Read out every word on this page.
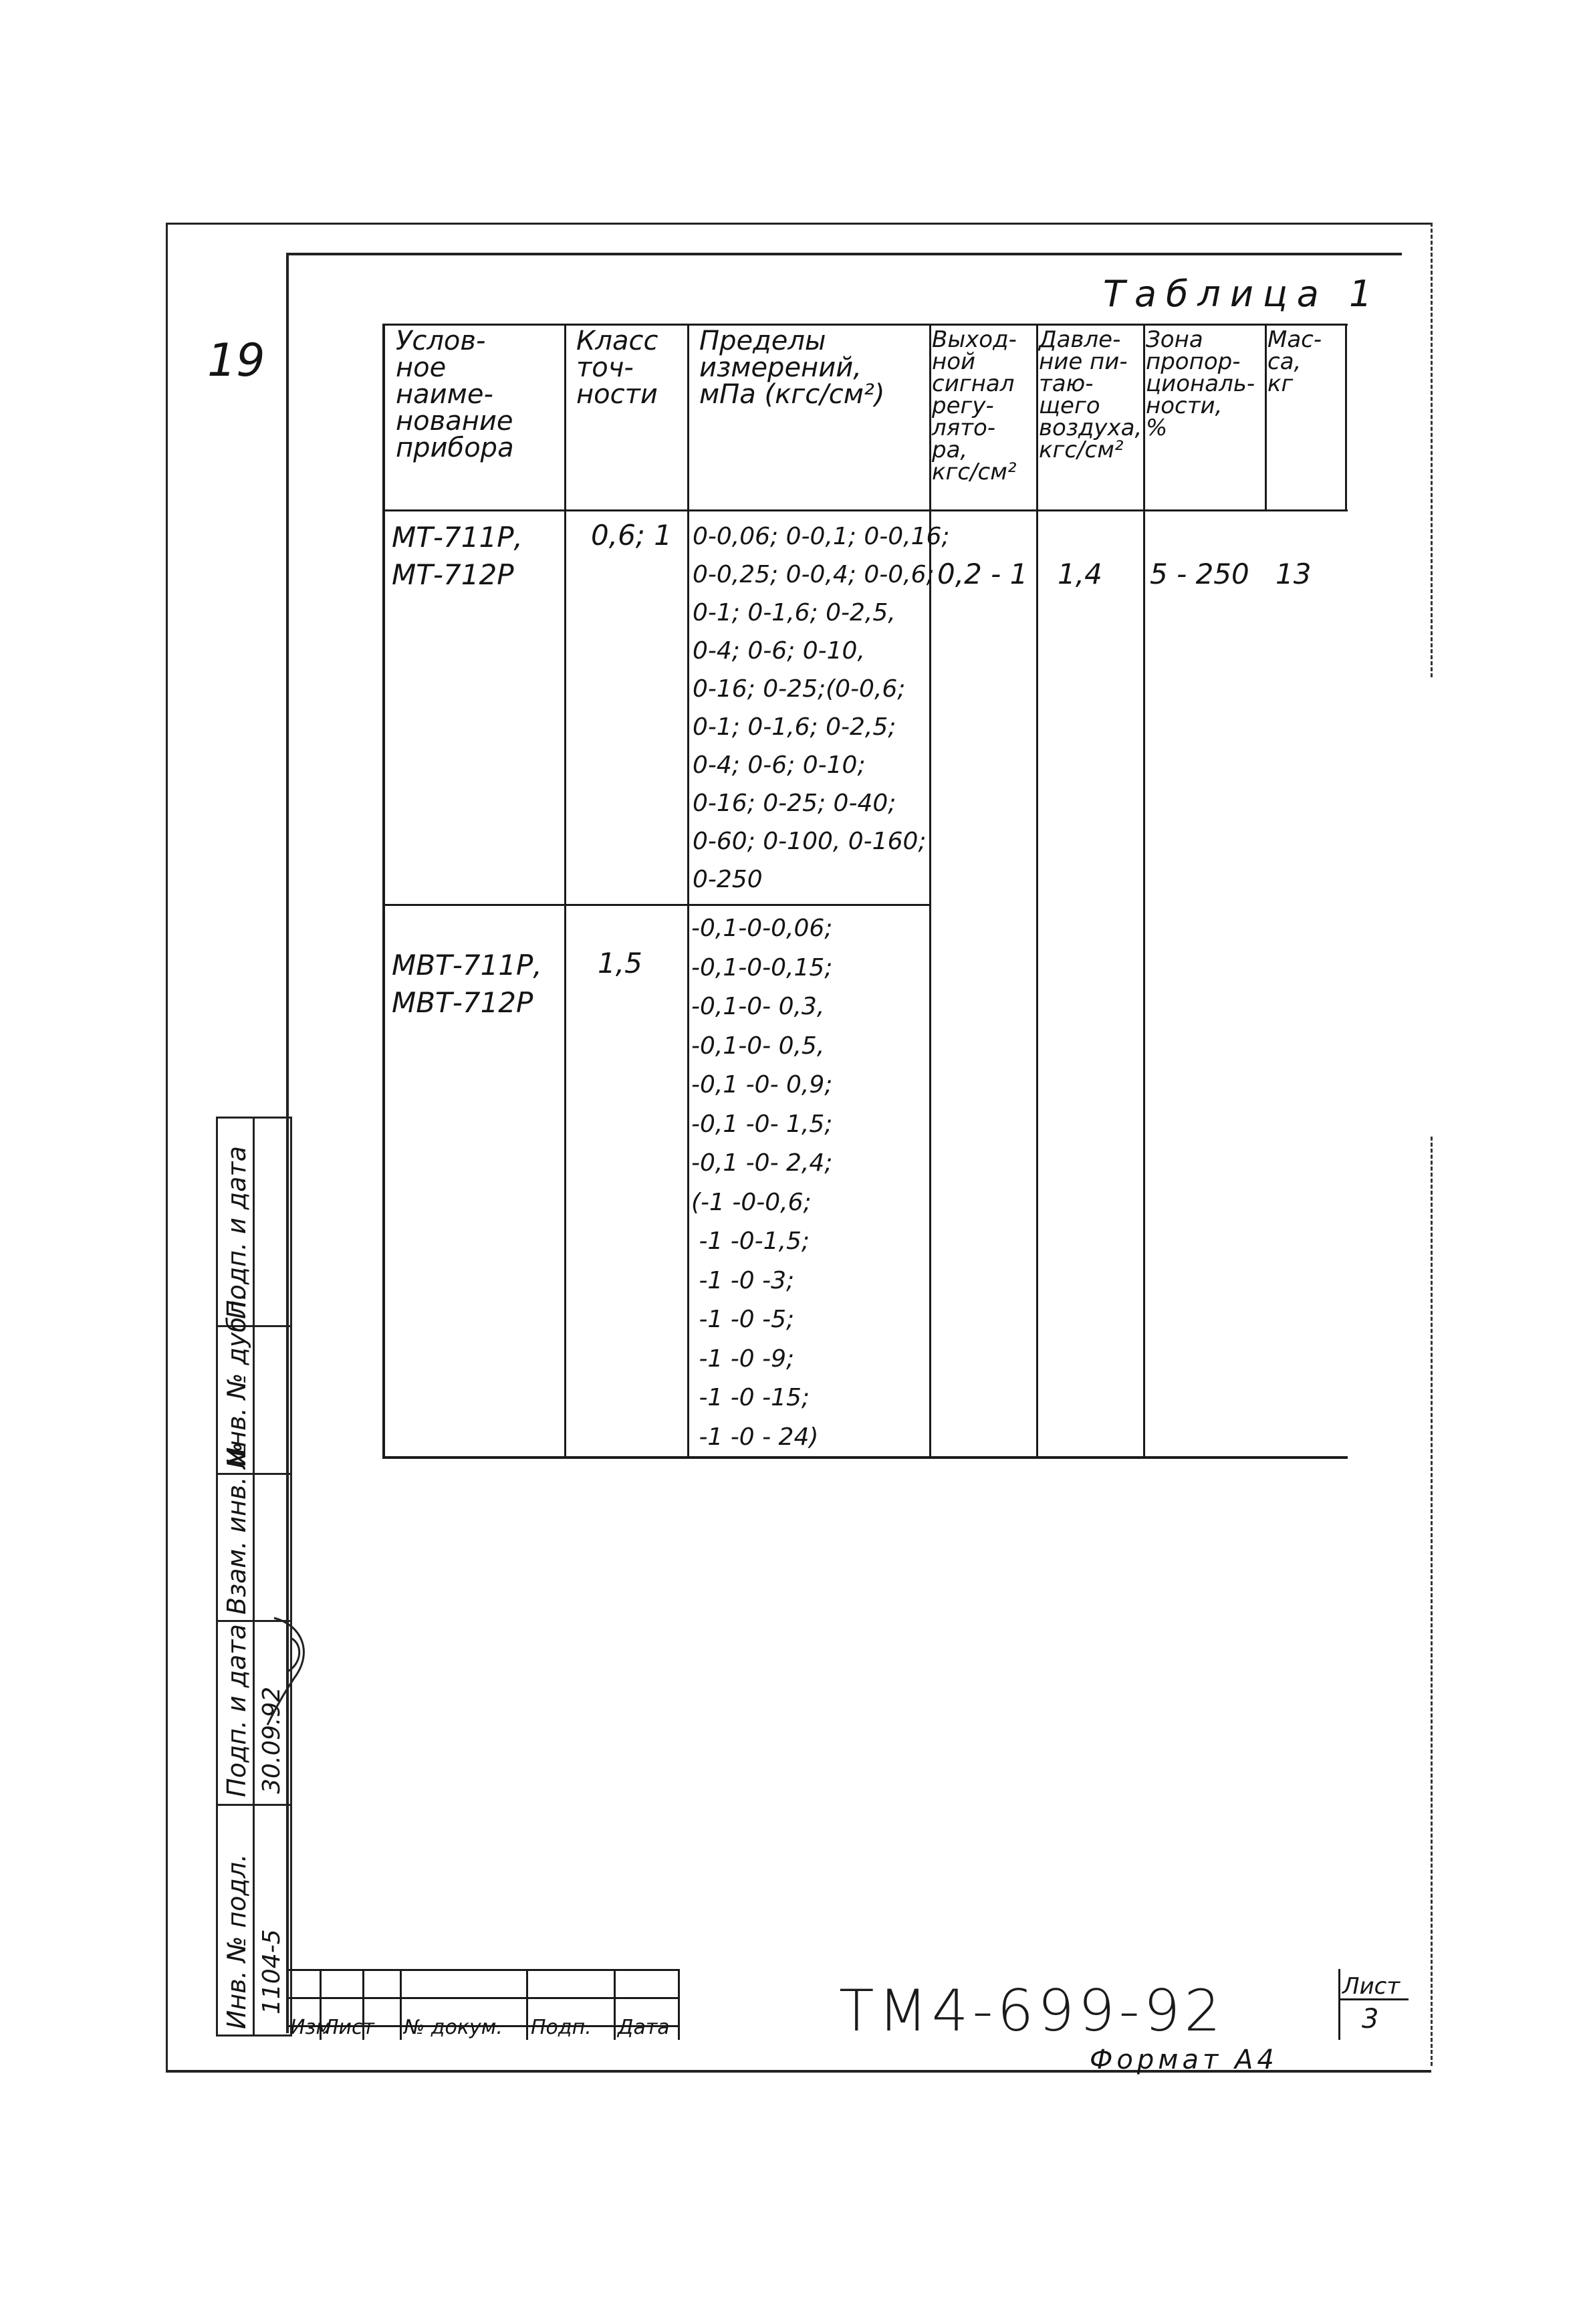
19
Таблица 1
Услов-
ное
наиме-
нование
прибора
Класс
точ-
ности
Пределы
измерений,
мПа (кгс/см²)
Выход-
ной
сигнал
регу-
лято-
ра,
кгс/см²
Давле-
ние пи-
таю-
щего
воздуха,
кгс/см²
Зона
пропор-
циональ-
ности,
%
Мас-
са,
кг
МТ-711Р,
МТ-712Р
0,6; 1 0-0,06; 0-0,1; 0-0,16;
0-0,25; 0-0,4; 0-0,6;
0-1; 0-1,6; 0-2,5,
0-4; 0-6; 0-10,
0-16; 0-25;(0-0,6;
0-1; 0-1,6; 0-2,5;
0-4; 0-6; 0-10;
0-16; 0-25; 0-40;
0-60; 0-100, 0-160;
0-250
0,2 - 1 1,4 5 - 250 13
МВТ-711Р,
МВТ-712Р
1,5
-0,1-0-0,06;
-0,1-0-0,15;
-0,1-0- 0,3,
-0,1-0- 0,5,
-0,1 -0- 0,9;
-0,1 -0- 1,5;
-0,1 -0- 2,4;
(-1 -0-0,6;
-1 -0-1,5;
-1 -0 -3;
-1 -0 -5;
-1 -0 -9;
-1 -0 -15;
-1 -0 - 24)
Подп. и дата
Инв. № дубл.
Взам. инв. №
Подп. и дата
Инв. № подл.
30.09.92
1104-5
Изм
Лист № докум. Подп. Дата
Лист
3
ТМ4-699-92
Формат А4
